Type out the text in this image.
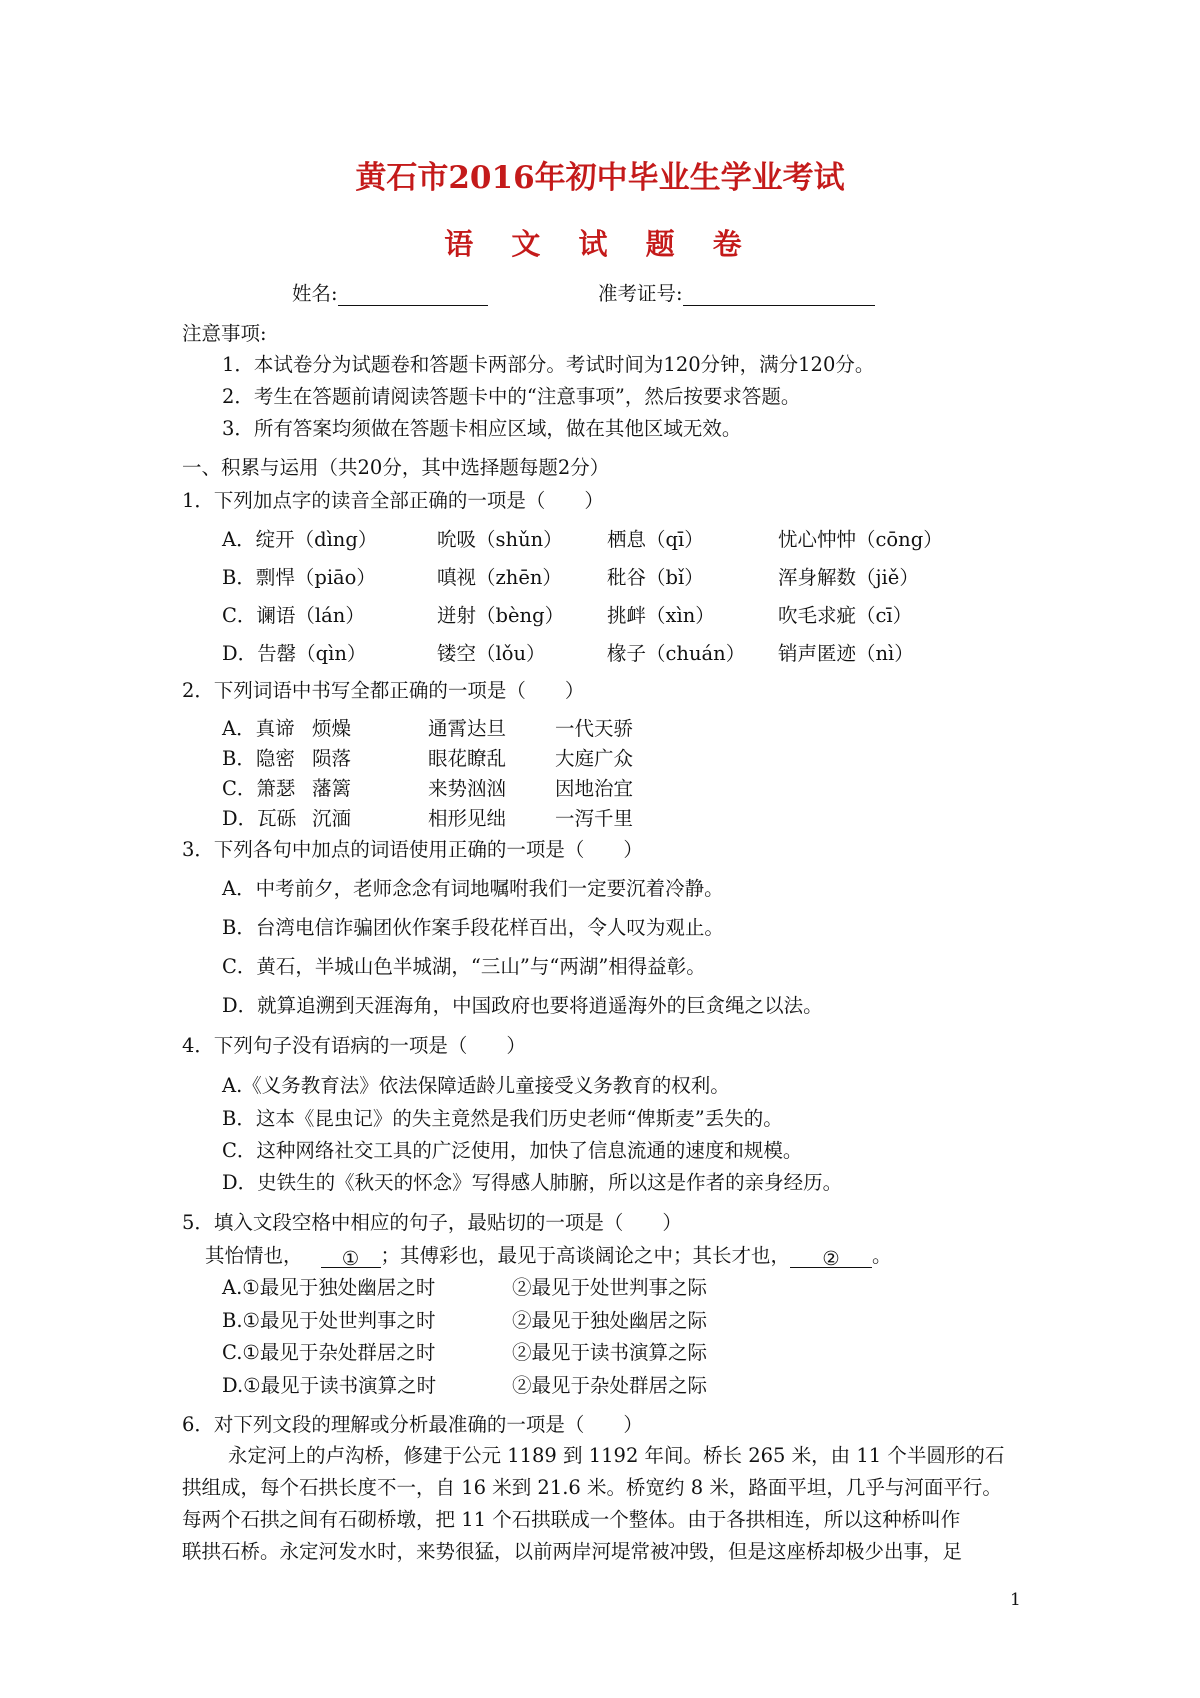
黄石市2016年初中毕业生学业考试
语 文 试 题 卷
姓名:	准考证号:
注意事项:
1．本试卷分为试题卷和答题卡两部分。考试时间为120分钟，满分120分。
2．考生在答题前请阅读答题卡中的“注意事项”，然后按要求答题。
3．所有答案均须做在答题卡相应区域，做在其他区域无效。
一、积累与运用（共20分，其中选择题每题2分）
1．下列加点字的读音全部正确的一项是（　　）
A．绽开（dìng）	吮吸（shǔn） 栖息（qī）	忧心忡忡（cōng）
B．剽悍（piāo）	嗔视（zhēn） 秕谷（bǐ）	浑身解数（jiě）
C．谰语（lán）	迸射（bèng） 挑衅（xìn）	吹毛求疵（cī）
D．告罄（qìn）	镂空（lǒu）	椽子（chuán） 销声匿迹（nì）
2．下列词语中书写全都正确的一项是（　　）
A．真谛 烦燥	通霄达旦	一代天骄
B．隐密 陨落	眼花瞭乱	大庭广众
C．箫瑟 藩篱	来势汹汹	因地治宜
D．瓦砾 沉湎	相形见绌	一泻千里
3．下列各句中加点的词语使用正确的一项是（　　）
A．中考前夕，老师念念有词地嘱咐我们一定要沉着冷静。
B．台湾电信诈骗团伙作案手段花样百出，令人叹为观止。
C．黄石，半城山色半城湖，“三山”与“两湖”相得益彰。
D．就算追溯到天涯海角，中国政府也要将逍遥海外的巨贪绳之以法。
4．下列句子没有语病的一项是（　　）
A.《义务教育法》依法保障适龄儿童接受义务教育的权利。
B．这本《昆虫记》的失主竟然是我们历史老师“俾斯麦”丢失的。
C．这种网络社交工具的广泛使用，加快了信息流通的速度和规模。
D．史铁生的《秋天的怀念》写得感人肺腑，所以这是作者的亲身经历。
5．填入文段空格中相应的句子，最贴切的一项是（　　）
其怡情也， ① ；其傅彩也，最见于高谈阔论之中；其长才也， ② 。
A.①最见于独处幽居之时	②最见于处世判事之际
B.①最见于处世判事之时	②最见于独处幽居之际
C.①最见于杂处群居之时	②最见于读书演算之际
D.①最见于读书演算之时	②最见于杂处群居之际
6．对下列文段的理解或分析最准确的一项是（　　）
永定河上的卢沟桥，修建于公元 1189 到 1192 年间。桥长 265 米，由 11 个半圆形的石
拱组成，每个石拱长度不一，自 16 米到 21.6 米。桥宽约 8 米，路面平坦，几乎与河面平行。
每两个石拱之间有石砌桥墩，把 11 个石拱联成一个整体。由于各拱相连，所以这种桥叫作
联拱石桥。永定河发水时，来势很猛，以前两岸河堤常被冲毁，但是这座桥却极少出事，足
1
